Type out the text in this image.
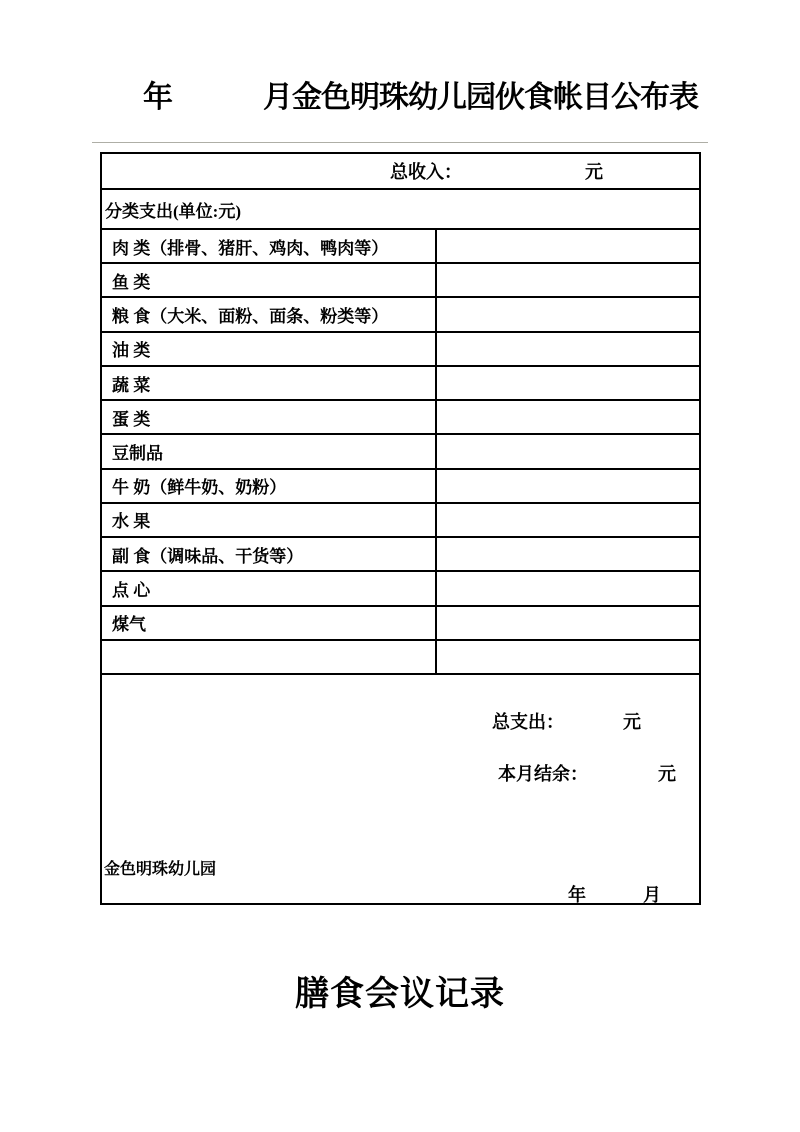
年	月金色明珠幼儿园伙食帐目公布表
总收入：	元
分类支出(单位:元)
肉 类（排骨、猪肝、鸡肉、鸭肉等）
鱼 类
粮 食（大米、面粉、面条、粉类等）
油 类
蔬 菜
蛋 类
豆制品
牛 奶（鲜牛奶、奶粉）
水 果
副 食（调味品、干货等）
点 心
煤气
总支出：	元
本月结余：	元
金色明珠幼儿园
年	月
膳食会议记录
